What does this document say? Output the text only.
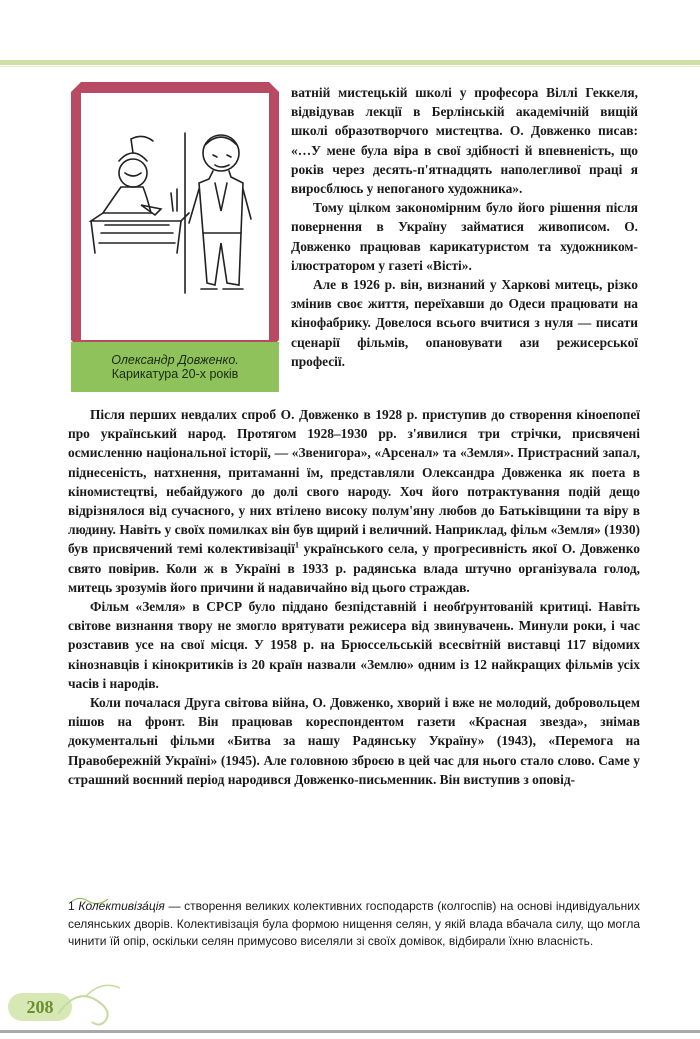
Олександр Довженко.
Карикатура 20-х років

ватній мистецькій школі у професора Віллі Геккеля, відвідував лекції в Берлінській академічній вищій школі образотворчого мистецтва. О. Довженко писав: «…У мене була віра в свої здібності й впевненість, що років через десять-п'ятнадцять наполегливої праці я виросблюсь у непоганого художника».

Тому цілком закономірним було його рішення після повернення в Україну займатися живописом. О. Довженко працював карикатуристом та художником-ілюстратором у газеті «Вісті».

Але в 1926 р. він, визнаний у Харкові митець, різко змінив своє життя, переїхавши до Одеси працювати на кінофабрику. Довелося всього вчитися з нуля — писати сценарії фільмів, опановувати ази режисерської професії.

Після перших невдалих спроб О. Довженко в 1928 р. приступив до створення кіноепопеї про український народ. Протягом 1928–1930 рр. з'явилися три стрічки, присвячені осмисленню національної історії, — «Звенигора», «Арсенал» та «Земля». Пристрасний запал, піднесеність, натхнення, притаманні їм, представляли Олександра Довженка як поета в кіномистецтві, небайдужого до долі свого народу. Хоч його потрактування подій дещо відрізнялося від сучасного, у них втілено високу полум'яну любов до Батьківщини та віру в людину. Навіть у своїх помилках він був щирий і величний. Наприклад, фільм «Земля» (1930) був присвячений темі колективізації$^1$ українського села, у прогресивність якої О. Довженко свято повірив. Коли ж в Україні в 1933 р. радянська влада штучно організувала голод, митець зрозумів його причини й надавичайно від цього страждав.

Фільм «Земля» в СРСР було піддано безпідставній і необґрунтованій критиці. Навіть світове визнання твору не змогло врятувати режисера від звинувачень. Минули роки, і час розставив усе на свої місця. У 1958 р. на Брюссельській всесвітній виставці 117 відомих кінознавців і кінокритиків із 20 країн назвали «Землю» одним із 12 найкращих фільмів усіх часів і народів.

Коли почалася Друга світова війна, О. Довженко, хворий і вже не молодий, добровольцем пішов на фронт. Він працював кореспондентом газети «Красная звезда», знімав документальні фільми «Битва за нашу Радянську Україну» (1943), «Перемога на Правобережній Україні» (1945). Але головною зброєю в цей час для нього стало слово. Саме у страшний воєнний період народився Довженко-письменник. Він виступив з оповід-

1 Колективіза́ція — створення великих колективних господарств (колгоспів) на основі індивідуальних селянських дворів. Колективізація була формою нищення селян, у якій влада вбачала силу, що могла чинити їй опір, оскільки селян примусово виселяли зі своїх домівок, відбирали їхню власність.
208
